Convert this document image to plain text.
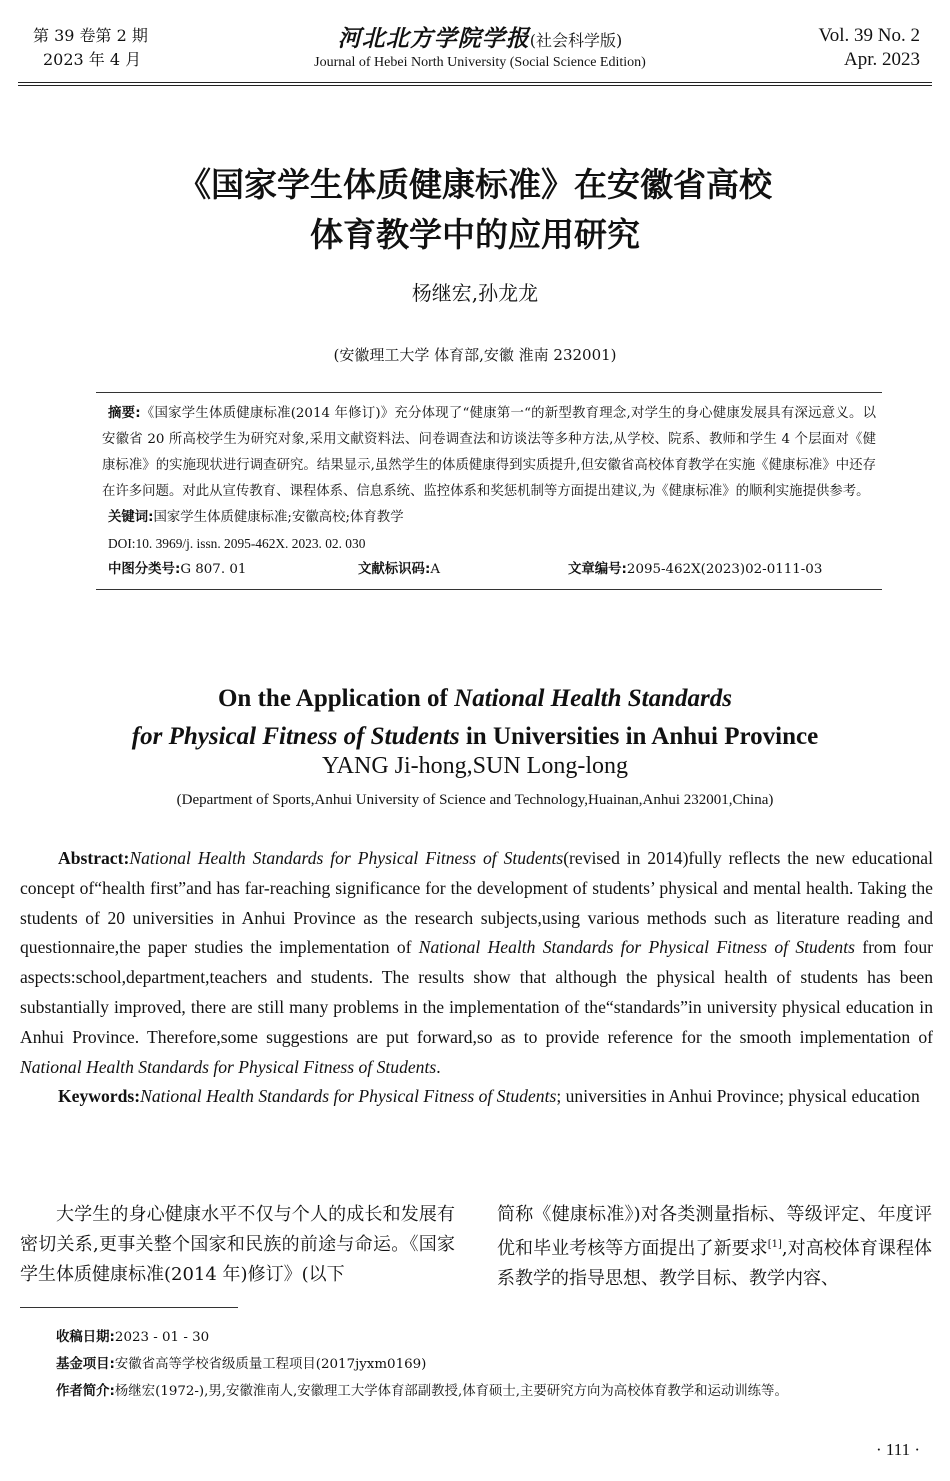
第 39 卷第 2 期
2023 年 4 月
河北北方学院学报(社会科学版)
Journal of Hebei North University (Social Science Edition)
Vol. 39 No. 2
Apr. 2023
《国家学生体质健康标准》在安徽省高校
体育教学中的应用研究
杨继宏,孙龙龙
(安徽理工大学 体育部,安徽 淮南 232001)
摘要:《国家学生体质健康标准(2014 年修订)》充分体现了“健康第一“的新型教育理念,对学生的身心健康发展具有深远意义。以安徽省 20 所高校学生为研究对象,采用文献资料法、问卷调查法和访谈法等多种方法,从学校、院系、教师和学生 4 个层面对《健康标准》的实施现状进行调查研究。结果显示,虽然学生的体质健康得到实质提升,但安徽省高校体育教学在实施《健康标准》中还存在许多问题。对此从宣传教育、课程体系、信息系统、监控体系和奖惩机制等方面提出建议,为《健康标准》的顺利实施提供参考。
关键词:国家学生体质健康标准;安徽高校;体育教学
DOI:10. 3969/j. issn. 2095-462X. 2023. 02. 030
中图分类号:G 807. 01	文献标识码:A	文章编号:2095-462X(2023)02-0111-03
On the Application of National Health Standards
for Physical Fitness of Students in Universities in Anhui Province
YANG Ji-hong,SUN Long-long
(Department of Sports,Anhui University of Science and Technology,Huainan,Anhui 232001,China)

Abstract:National Health Standards for Physical Fitness of Students(revised in 2014)fully reflects the new educational concept of“health first”and has far-reaching significance for the development of students’ physical and mental health. Taking the students of 20 universities in Anhui Province as the research subjects,using various methods such as literature reading and questionnaire,the paper studies the implementation of National Health Standards for Physical Fitness of Students from four aspects:school,department,teachers and students. The results show that although the physical health of students has been substantially improved, there are still many problems in the implementation of the“standards”in university physical education in Anhui Province. Therefore,some suggestions are put forward,so as to provide reference for the smooth implementation of National Health Standards for Physical Fitness of Students.

Keywords:National Health Standards for Physical Fitness of Students; universities in Anhui Province; physical education

大学生的身心健康水平不仅与个人的成长和发展有密切关系,更事关整个国家和民族的前途与命运。《国家学生体质健康标准(2014 年)修订》(以下
简称《健康标准》)对各类测量指标、等级评定、年度评优和毕业考核等方面提出了新要求[1],对高校体育课程体系教学的指导思想、教学目标、教学内容、
收稿日期:2023 - 01 - 30
基金项目:安徽省高等学校省级质量工程项目(2017jyxm0169)
作者简介: 杨继宏(1972-),男,安徽淮南人,安徽理工大学体育部副教授,体育硕士,主要研究方向为高校体育教学和运动训练等。
· 111 ·
